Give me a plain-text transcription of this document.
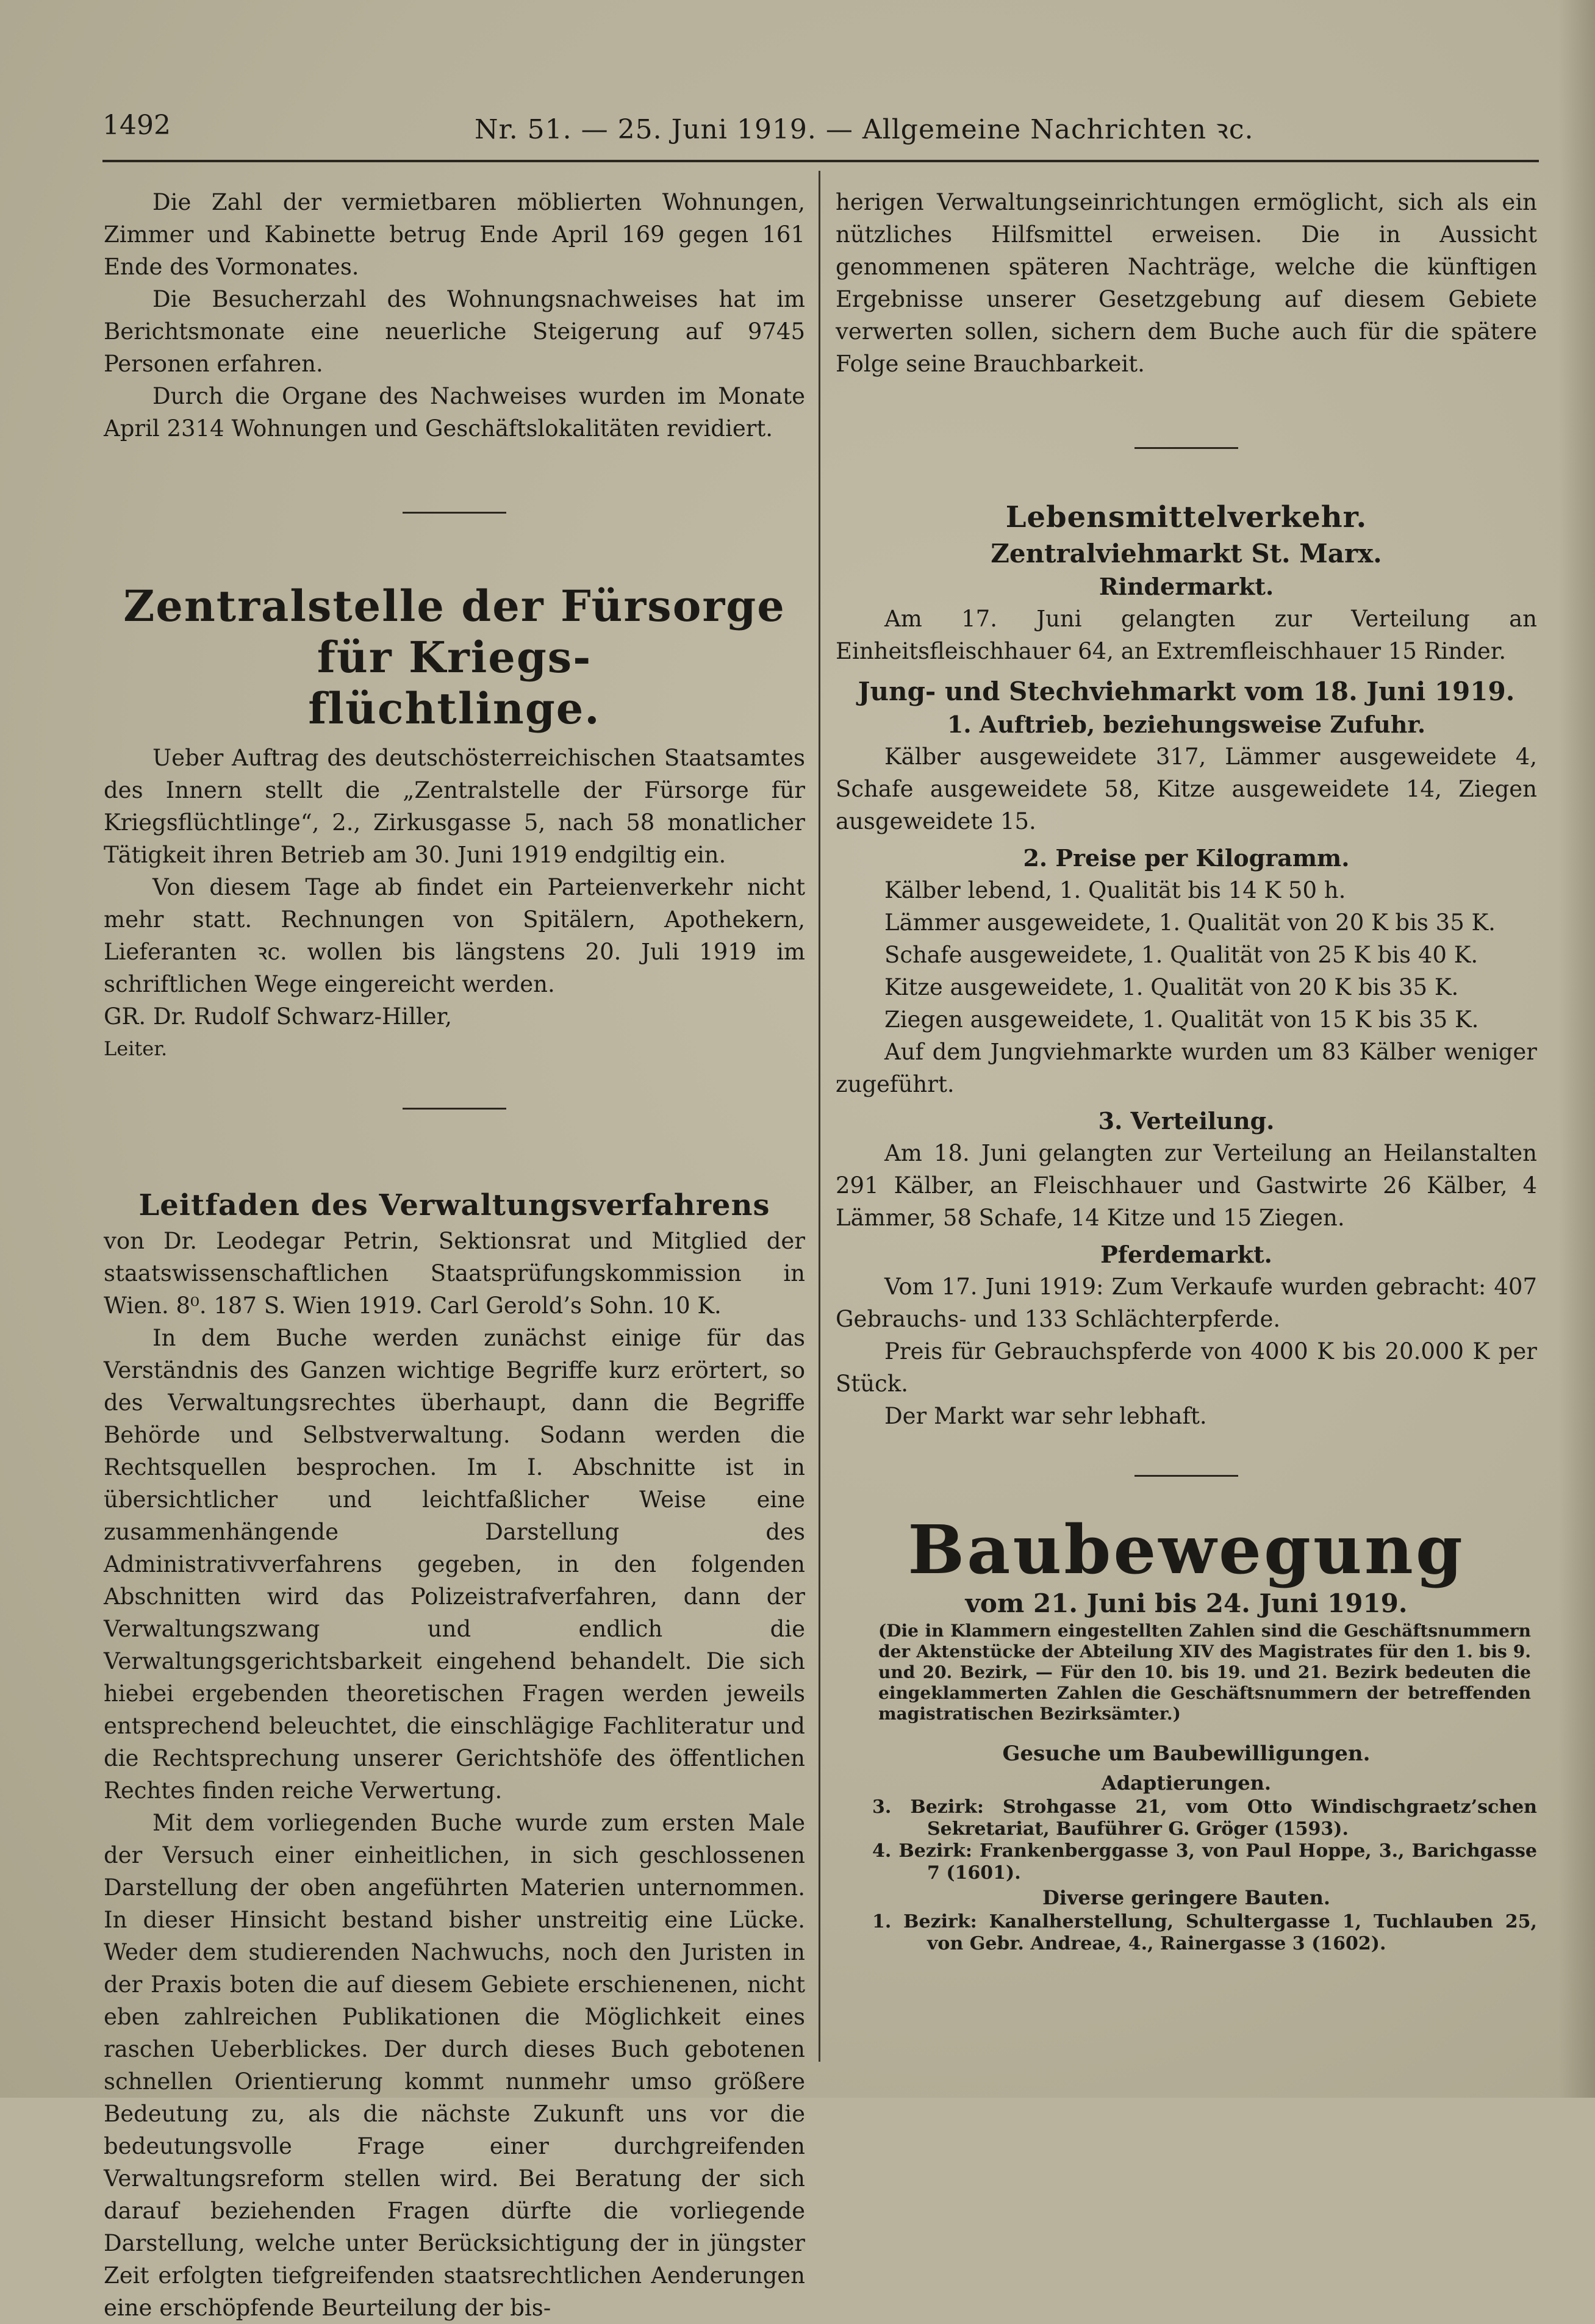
1492	Nr. 51. — 25. Juni 1919. — Allgemeine Nachrichten ꝛc.

Die Zahl der vermietbaren möblierten Wohnungen, Zimmer und Kabinette betrug Ende April 169 gegen 161 Ende des Vormonates.

Die Besucherzahl des Wohnungsnachweises hat im Berichtsmonate eine neuerliche Steigerung auf 9745 Personen erfahren.

Durch die Organe des Nachweises wurden im Monate April 2314 Wohnungen und Geschäftslokalitäten revidiert.

Zentralstelle der Fürsorge für Kriegs-
flüchtlinge.

Ueber Auftrag des deutschösterreichischen Staatsamtes des Innern stellt die „Zentralstelle der Fürsorge für Kriegsflüchtlinge“, 2., Zirkusgasse 5, nach 58 monatlicher Tätigkeit ihren Betrieb am 30. Juni 1919 endgiltig ein.

Von diesem Tage ab findet ein Parteienverkehr nicht mehr statt. Rechnungen von Spitälern, Apothekern, Lieferanten ꝛc. wollen bis längstens 20. Juli 1919 im schriftlichen Wege eingereicht werden.

GR. Dr. Rudolf Schwarz-Hiller,

Leiter.

Leitfaden des Verwaltungsverfahrens

von Dr. Leodegar Petrin, Sektionsrat und Mitglied der staatswissenschaftlichen Staatsprüfungskommission in Wien. 8⁰. 187 S. Wien 1919. Carl Gerold’s Sohn. 10 K.

In dem Buche werden zunächst einige für das Verständnis des Ganzen wichtige Begriffe kurz erörtert, so des Verwaltungsrechtes überhaupt, dann die Begriffe Behörde und Selbstverwaltung. Sodann werden die Rechtsquellen besprochen. Im I. Abschnitte ist in übersichtlicher und leichtfaßlicher Weise eine zusammenhängende Darstellung des Administrativverfahrens gegeben, in den folgenden Abschnitten wird das Polizeistrafverfahren, dann der Verwaltungszwang und endlich die Verwaltungsgerichtsbarkeit eingehend behandelt. Die sich hiebei ergebenden theoretischen Fragen werden jeweils entsprechend beleuchtet, die einschlägige Fachliteratur und die Rechtsprechung unserer Gerichtshöfe des öffentlichen Rechtes finden reiche Verwertung.

Mit dem vorliegenden Buche wurde zum ersten Male der Versuch einer einheitlichen, in sich geschlossenen Darstellung der oben angeführten Materien unternommen. In dieser Hinsicht bestand bisher unstreitig eine Lücke. Weder dem studierenden Nachwuchs, noch den Juristen in der Praxis boten die auf diesem Gebiete erschienenen, nicht eben zahlreichen Publikationen die Möglichkeit eines raschen Ueberblickes. Der durch dieses Buch gebotenen schnellen Orientierung kommt nunmehr umso größere Bedeutung zu, als die nächste Zukunft uns vor die bedeutungsvolle Frage einer durchgreifenden Verwaltungsreform stellen wird. Bei Beratung der sich darauf beziehenden Fragen dürfte die vorliegende Darstellung, welche unter Berücksichtigung der in jüngster Zeit erfolgten tiefgreifenden staatsrechtlichen Aenderungen eine erschöpfende Beurteilung der bis-

herigen Verwaltungseinrichtungen ermöglicht, sich als ein nützliches Hilfsmittel erweisen. Die in Aussicht genommenen späteren Nachträge, welche die künftigen Ergebnisse unserer Gesetzgebung auf diesem Gebiete verwerten sollen, sichern dem Buche auch für die spätere Folge seine Brauchbarkeit.

Lebensmittelverkehr.
Zentralviehmarkt St. Marx.
Rindermarkt.

Am 17. Juni gelangten zur Verteilung an Einheitsfleischhauer 64, an Extremfleischhauer 15 Rinder.

Jung- und Stechviehmarkt vom 18. Juni 1919.
1. Auftrieb, beziehungsweise Zufuhr.

Kälber ausgeweidete 317, Lämmer ausgeweidete 4, Schafe ausgeweidete 58, Kitze ausgeweidete 14, Ziegen ausgeweidete 15.

2. Preise per Kilogramm.
Kälber lebend, 1. Qualität bis 14 K 50 h.
Lämmer ausgeweidete, 1. Qualität von 20 K bis 35 K.
Schafe ausgeweidete, 1. Qualität von 25 K bis 40 K.
Kitze ausgeweidete, 1. Qualität von 20 K bis 35 K.
Ziegen ausgeweidete, 1. Qualität von 15 K bis 35 K.

Auf dem Jungviehmarkte wurden um 83 Kälber weniger zugeführt.

3. Verteilung.

Am 18. Juni gelangten zur Verteilung an Heilanstalten 291 Kälber, an Fleischhauer und Gastwirte 26 Kälber, 4 Lämmer, 58 Schafe, 14 Kitze und 15 Ziegen.

Pferdemarkt.

Vom 17. Juni 1919: Zum Verkaufe wurden gebracht: 407 Gebrauchs- und 133 Schlächterpferde.

Preis für Gebrauchspferde von 4000 K bis 20.000 K per Stück.

Der Markt war sehr lebhaft.

Baubewegung
vom 21. Juni bis 24. Juni 1919.

(Die in Klammern eingestellten Zahlen sind die Geschäftsnummern der Aktenstücke der Abteilung XIV des Magistrates für den 1. bis 9. und 20. Bezirk, — Für den 10. bis 19. und 21. Bezirk bedeuten die eingeklammerten Zahlen die Geschäftsnummern der betreffenden magistratischen Bezirksämter.)

Gesuche um Baubewilligungen.
Adaptierungen.

3. Bezirk: Strohgasse 21, vom Otto Windischgraetz’schen Sekretariat, Bauführer G. Gröger (1593).

4. Bezirk: Frankenberggasse 3, von Paul Hoppe, 3., Barichgasse 7 (1601).

Diverse geringere Bauten.

1. Bezirk: Kanalherstellung, Schultergasse 1, Tuchlauben 25, von Gebr. Andreae, 4., Rainergasse 3 (1602).
